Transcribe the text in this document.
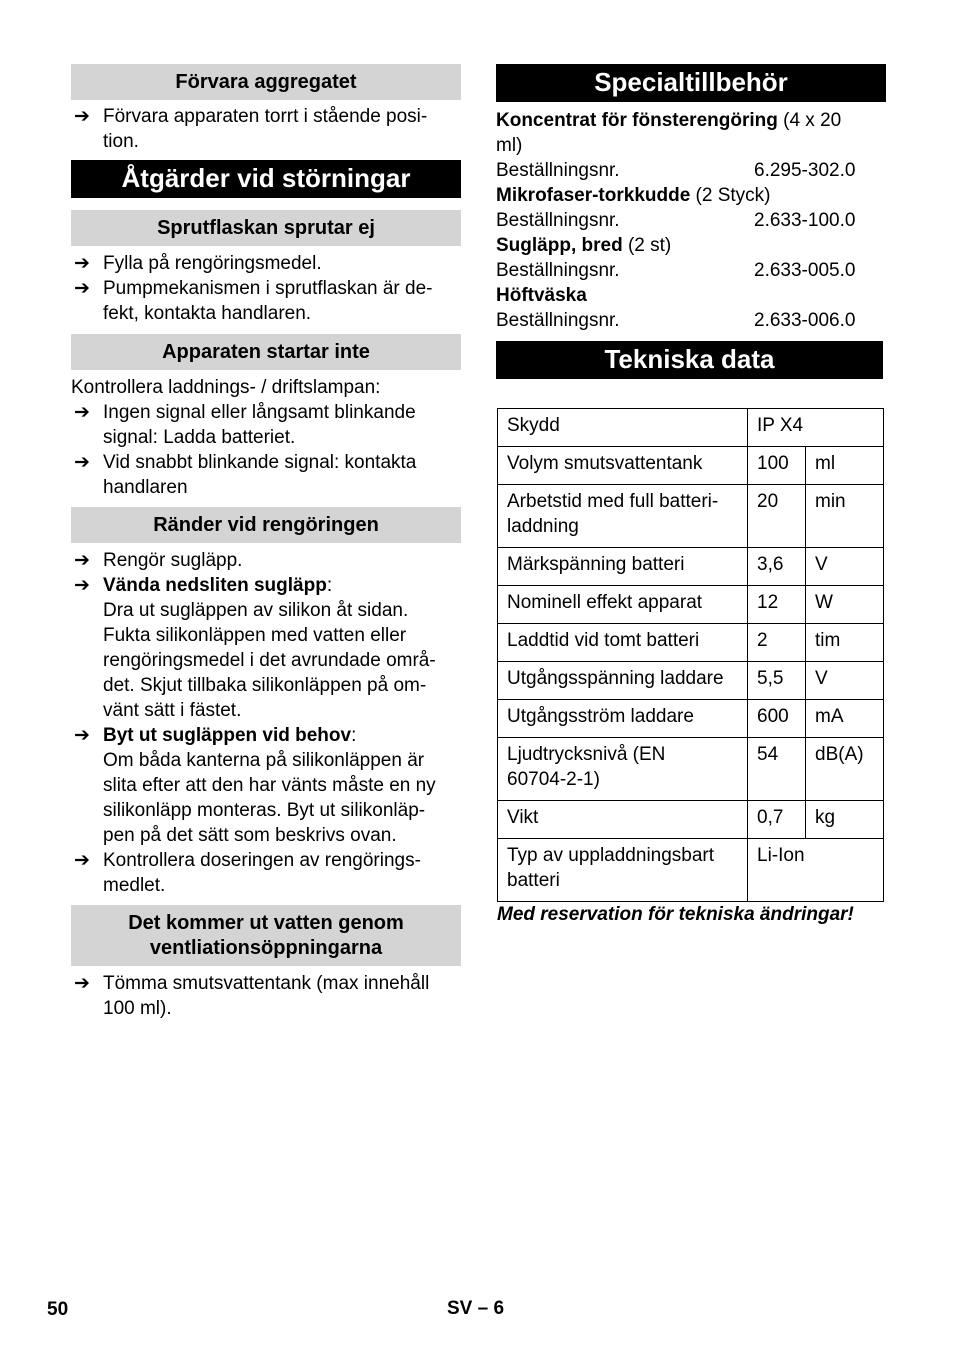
Förvara aggregatet
➔ Förvara apparaten torrt i stående posi-
tion.

Åtgärder vid störningar
Sprutflaskan sprutar ej
➔ Fylla på rengöringsmedel.

➔ Pumpmekanismen i sprutflaskan är de-
fekt, kontakta handlaren.

Apparaten startar inte

Kontrollera laddnings- / driftslampan:

➔ Ingen signal eller långsamt blinkande
signal: Ladda batteriet.

➔ Vid snabbt blinkande signal: kontakta
handlaren

Ränder vid rengöringen
➔ Rengör sugläpp.

➔ Vända nedsliten sugläpp:

Dra ut sugläppen av silikon åt sidan.
Fukta silikonläppen med vatten eller
rengöringsmedel i det avrundade områ-
det. Skjut tillbaka silikonläppen på om-
vänt sätt i fästet.

➔ Byt ut sugläppen vid behov:

Om båda kanterna på silikonläppen är
slita efter att den har vänts måste en ny
silikonläpp monteras. Byt ut silikonläp-
pen på det sätt som beskrivs ovan.

➔ Kontrollera doseringen av rengörings-
medlet.

Det kommer ut vatten genom
ventliationsöppningarna
➔ Tömma smutsvattentank (max innehåll
100 ml).

Specialtillbehör

Koncentrat för fönsterengöring (4 x 20
ml)

Beställningsnr.	6.295-302.0

Mikrofaser-torkkudde (2 Styck)

Beställningsnr.	2.633-100.0

Sugläpp, bred (2 st)

Beställningsnr.	2.633-005.0

Höftväska

Beställningsnr.	2.633-006.0
Tekniska data
Skydd	IP X4	
Volym smutsvattentank	100	ml
Arbetstid med full batteri-
laddning	20	min
Märkspänning batteri	3,6	V
Nominell effekt apparat	12	W
Laddtid vid tomt batteri	2	tim
Utgångsspänning laddare	5,5	V
Utgångsström laddare	600	mA
Ljudtrycksnivå (EN
60704-2-1)	54	dB(A)
Vikt	0,7	kg
Typ av uppladdningsbart
batteri	Li-Ion	

Med reservation för tekniska ändringar!

50	SV – 6
